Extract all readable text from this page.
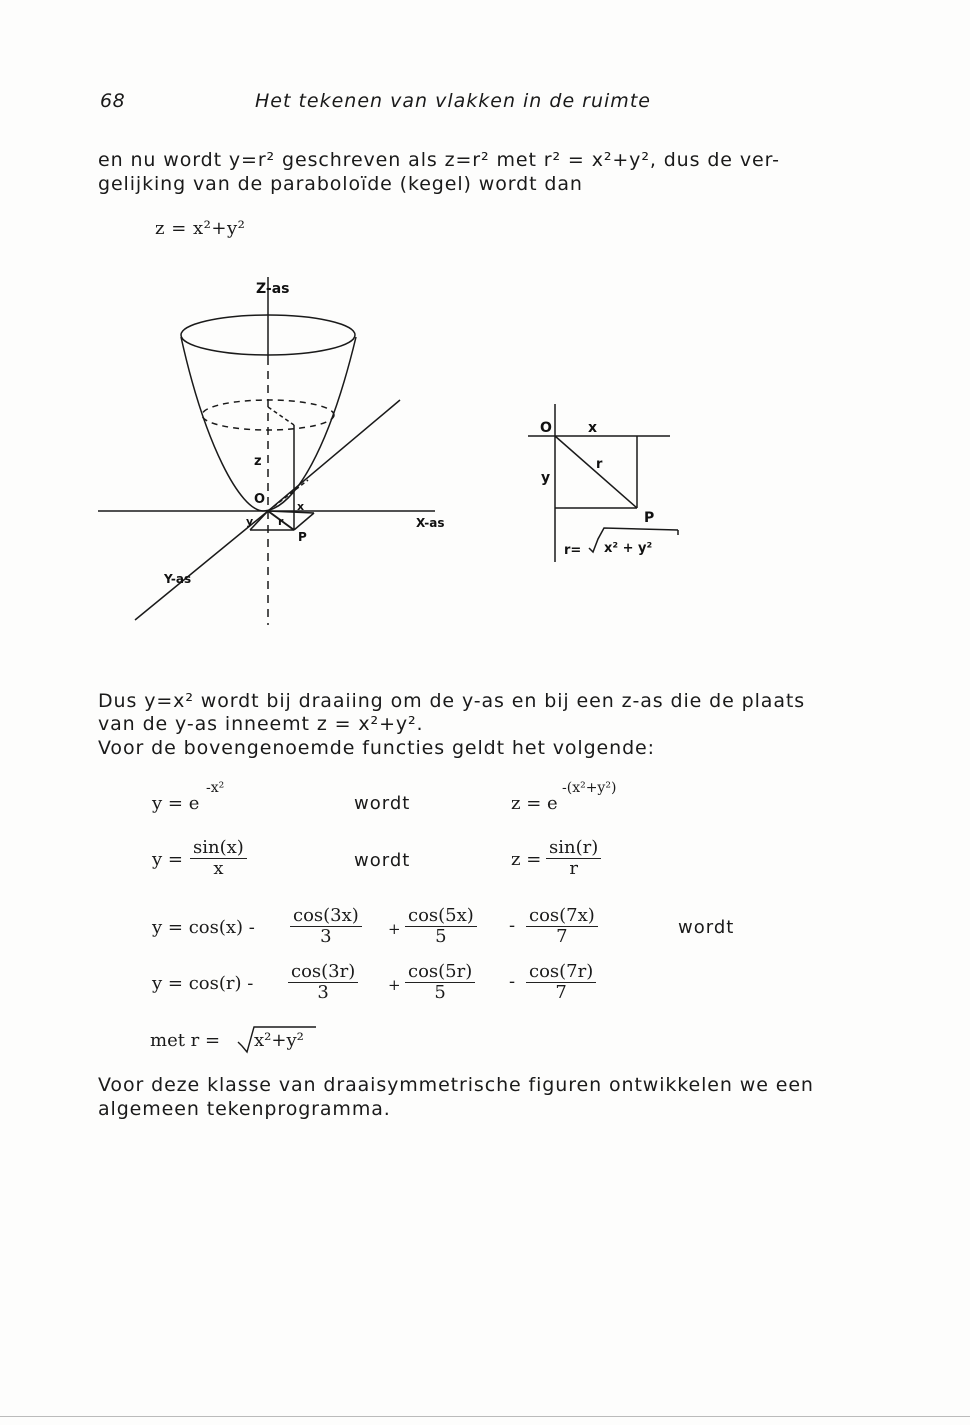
68	Het tekenen van vlakken in de ruimte
en nu wordt y=r² geschreven als z=r² met r² = x²+y², dus de ver-
gelijking van de paraboloïde (kegel) wordt dan
z = x²+y²
Z-as
X-as
Y-as
O
z
x
y r
P
O	x
y
r
P
r= x² + y²
Dus y=x² wordt bij draaiing om de y-as en bij een z-as die de plaats
van de y-as inneemt z = x²+y².
Voor de bovengenoemde functies geldt het volgende:
y = e
-x²
wordt	z = e
-(x²+y²)
$y = \frac{\sin(x)}{x}$	wordt	$z = \frac{\sin(r)}{r}$
$y = \cos(x) - \frac{\cos(3x)}{3} + \frac{\cos(5x)}{5} - \frac{\cos(7x)}{7}$	wordt
$y = \cos(r) - \frac{\cos(3r)}{3} + \frac{\cos(5r)}{5} - \frac{\cos(7r)}{7}$
met r = x²+y²
Voor deze klasse van draaisymmetrische figuren ontwikkelen we een
algemeen tekenprogramma.
